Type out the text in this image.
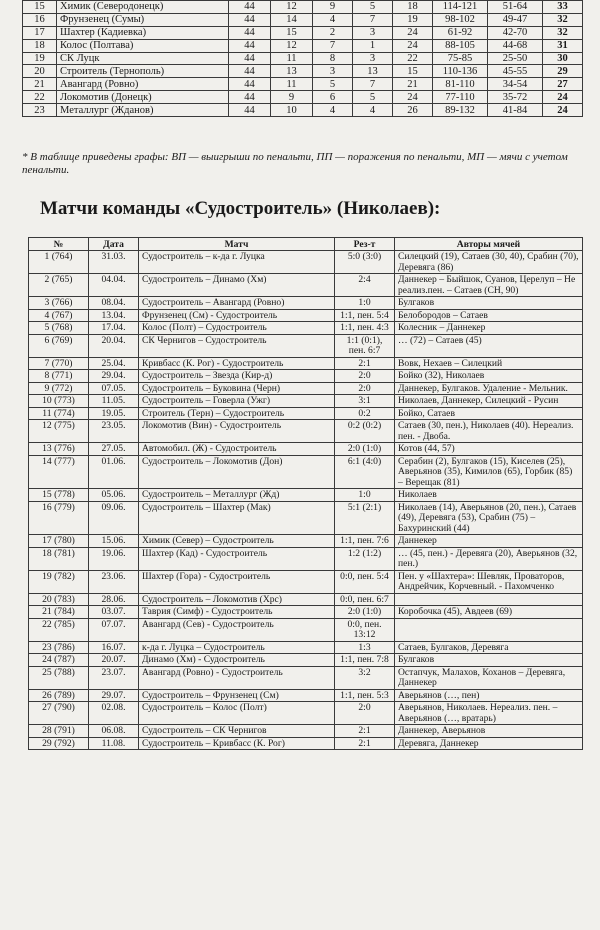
15	Химик (Северодонецк)	44	12	9	5	18	114-121	51-64	33
16	Фрунзенец (Сумы)	44	14	4	7	19	98-102	49-47	32
17	Шахтер (Кадиевка)	44	15	2	3	24	61-92	42-70	32
18	Колос (Полтава)	44	12	7	1	24	88-105	44-68	31
19	СК Луцк	44	11	8	3	22	75-85	25-50	30
20	Строитель (Тернополь)	44	13	3	13	15	110-136	45-55	29
21	Авангард (Ровно)	44	11	5	7	21	81-110	34-54	27
22	Локомотив (Донецк)	44	9	6	5	24	77-110	35-72	24
23	Металлург (Жданов)	44	10	4	4	26	89-132	41-84	24
* В таблице приведены графы: ВП — выигрыши по пенальти, ПП — поражения по пенальти, МП — мячи с учетом пенальти.
Матчи команды «Судостроитель» (Николаев):
№	Дата	Матч	Рез-т	Авторы мячей
1 (764)	31.03.	Судостроитель – к-да г. Луцка	5:0 (3:0)	Силецкий (19), Сатаев (30, 40), Срабин (70), Деревяга (86)
2 (765)	04.04.	Судостроитель – Динамо (Хм)	2:4	Даннекер – Быйшок, Суанов, Церелуп – Не реализ.пен. – Сатаев (СН, 90)
3 (766)	08.04.	Судостроитель – Авангард (Ровно)	1:0	Булгаков
4 (767)	13.04.	Фрунзенец (См) - Судостроитель	1:1, пен. 5:4	Белобородов – Сатаев
5 (768)	17.04.	Колос (Полт) – Судостроитель	1:1, пен. 4:3	Колесник – Даннекер
6 (769)	20.04.	СК Чернигов – Судостроитель	1:1 (0:1), пен. 6:7	… (72) – Сатаев (45)
7 (770)	25.04.	Кривбасс (К. Рог) - Судостроитель	2:1	Вовк, Нехаев – Силецкий
8 (771)	29.04.	Судостроитель – Звезда (Кир-д)	2:0	Бойко (32), Николаев
9 (772)	07.05.	Судостроитель – Буковина (Черн)	2:0	Даннекер, Булгаков. Удаление - Мельник.
10 (773)	11.05.	Судостроитель – Говерла (Ужг)	3:1	Николаев, Даннекер, Силецкий - Русин
11 (774)	19.05.	Строитель (Терн) – Судостроитель	0:2	Бойко, Сатаев
12 (775)	23.05.	Локомотив (Вин) - Судостроитель	0:2 (0:2)	Сатаев (30, пен.), Николаев (40). Нереализ. пен. - Двоба.
13 (776)	27.05.	Автомобил. (Ж) - Судостроитель	2:0 (1:0)	Котов (44, 57)
14 (777)	01.06.	Судостроитель – Локомотив (Дон)	6:1 (4:0)	Серабин (2), Булгаков (15), Киселев (25), Аверьянов (35), Кимилов (65), Горбик (85) – Верещак (81)
15 (778)	05.06.	Судостроитель – Металлург (Жд)	1:0	Николаев
16 (779)	09.06.	Судостроитель – Шахтер (Мак)	5:1 (2:1)	Николаев (14), Аверьянов (20, пен.), Сатаев (49), Деревяга (53), Срабин (75) – Бахуринский (44)
17 (780)	15.06.	Химик (Север) – Судостроитель	1:1, пен. 7:6	Даннекер
18 (781)	19.06.	Шахтер (Кад) - Судостроитель	1:2 (1:2)	… (45, пен.) - Деревяга (20), Аверьянов (32, пен.)
19 (782)	23.06.	Шахтер (Гора) - Судостроитель	0:0, пен. 5:4	Пен. у «Шахтера»: Шевляк, Проваторов, Андрейчик, Корчевный. - Пахомченко
20 (783)	28.06.	Судостроитель – Локомотив (Хрс)	0:0, пен. 6:7	
21 (784)	03.07.	Таврия (Симф) - Судостроитель	2:0 (1:0)	Коробочка (45), Авдеев (69)
22 (785)	07.07.	Авангард (Сев) - Судостроитель	0:0, пен. 13:12	
23 (786)	16.07.	к-да г. Луцка – Судостроитель	1:3	Сатаев, Булгаков, Деревяга
24 (787)	20.07.	Динамо (Хм) - Судостроитель	1:1, пен. 7:8	Булгаков
25 (788)	23.07.	Авангард (Ровно) - Судостроитель	3:2	Остапчук, Малахов, Коханов – Деревяга, Даннекер
26 (789)	29.07.	Судостроитель – Фрунзенец (См)	1:1, пен. 5:3	Аверьянов (…, пен)
27 (790)	02.08.	Судостроитель – Колос (Полт)	2:0	Аверьянов, Николаев. Нереализ. пен. – Аверьянов (…, вратарь)
28 (791)	06.08.	Судостроитель – СК Чернигов	2:1	Даннекер, Аверьянов
29 (792)	11.08.	Судостроитель – Кривбасс (К. Рог)	2:1	Деревяга, Даннекер
